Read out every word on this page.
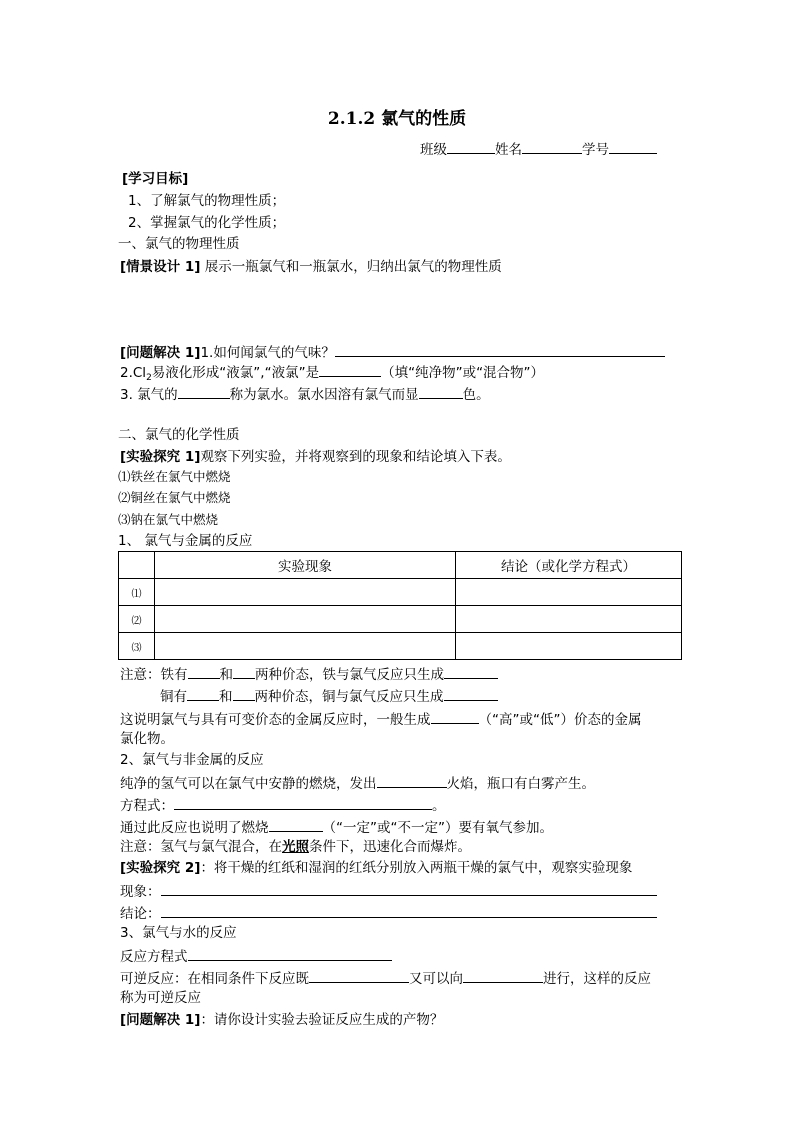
2.1.2 氯气的性质
班级	姓名	学号
[学习目标]
1、了解氯气的物理性质；
2、掌握氯气的化学性质；
一、氯气的物理性质
[情景设计 1] 展示一瓶氯气和一瓶氯水，归纳出氯气的物理性质
[问题解决 1]1.如何闻氯气的气味？
$2.Cl_2$易液化形成“液氯”,“液氯”是	（填“纯净物”或“混合物”）
3. 氯气的	称为氯水。氯水因溶有氯气而显	色。
二、氯气的化学性质
[实验探究 1]观察下列实验，并将观察到的现象和结论填入下表。
⑴铁丝在氯气中燃烧
⑵铜丝在氯气中燃烧
⑶钠在氯气中燃烧
1、 氯气与金属的反应
	实验现象	结论（或化学方程式）
⑴		
⑵		
⑶		
注意：铁有 和 两种价态，铁与氯气反应只生成
铜有 和 两种价态，铜与氯气反应只生成
这说明氯气与具有可变价态的金属反应时，一般生成	（“高”或“低”）价态的金属
氯化物。
2、氯气与非金属的反应
纯净的氢气可以在氯气中安静的燃烧，发出	火焰，瓶口有白雾产生。
方程式：	。
通过此反应也说明了燃烧	（“一定”或“不一定”）要有氧气参加。
注意：氢气与氯气混合，在光照条件下，迅速化合而爆炸。
[实验探究 2]：将干燥的红纸和湿润的红纸分别放入两瓶干燥的氯气中，观察实验现象
现象：
结论：
3、氯气与水的反应
反应方程式
可逆反应：在相同条件下反应既	又可以向	进行，这样的反应
称为可逆反应
[问题解决 1]：请你设计实验去验证反应生成的产物？
